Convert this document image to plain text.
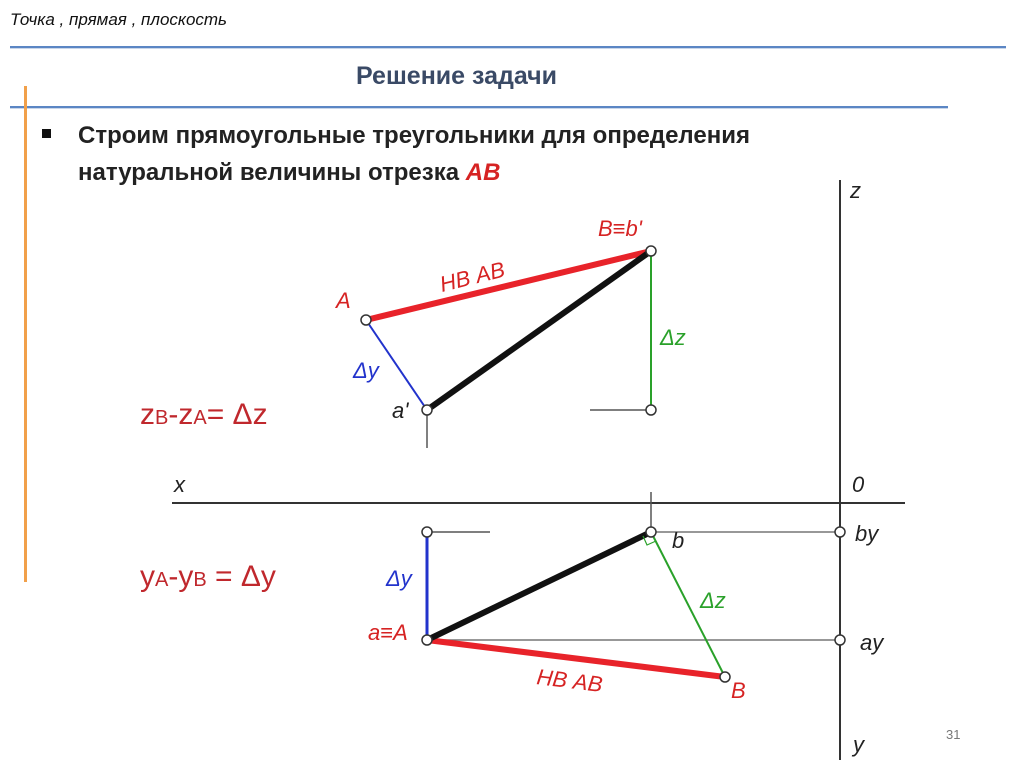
Точка , прямая , плоскость
Решение задачи
Строим прямоугольные треугольники для определения
натуральной величины отрезка AB
zB-zA= Δz
yA-yB = Δy
z
x	0
y
A
B≡b'
a'
НВ AB
Δy
Δz
a≡A
b
B
НВ AB
Δy
Δz
by
ay
31
